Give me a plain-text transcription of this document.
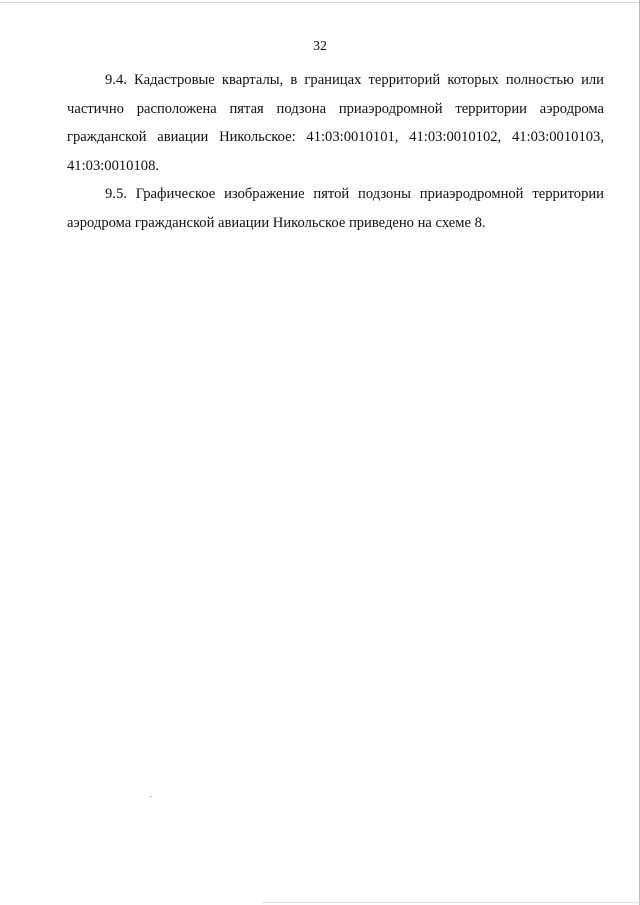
32

9.4. Кадастровые кварталы, в границах территорий которых полностью или частично расположена пятая подзона приаэродромной территории аэродрома гражданской авиации Никольское: 41:03:0010101, 41:03:0010102, 41:03:0010103, 41:03:0010108.

9.5. Графическое изображение пятой подзоны приаэродромной территории аэродрома гражданской авиации Никольское приведено на схеме 8.
